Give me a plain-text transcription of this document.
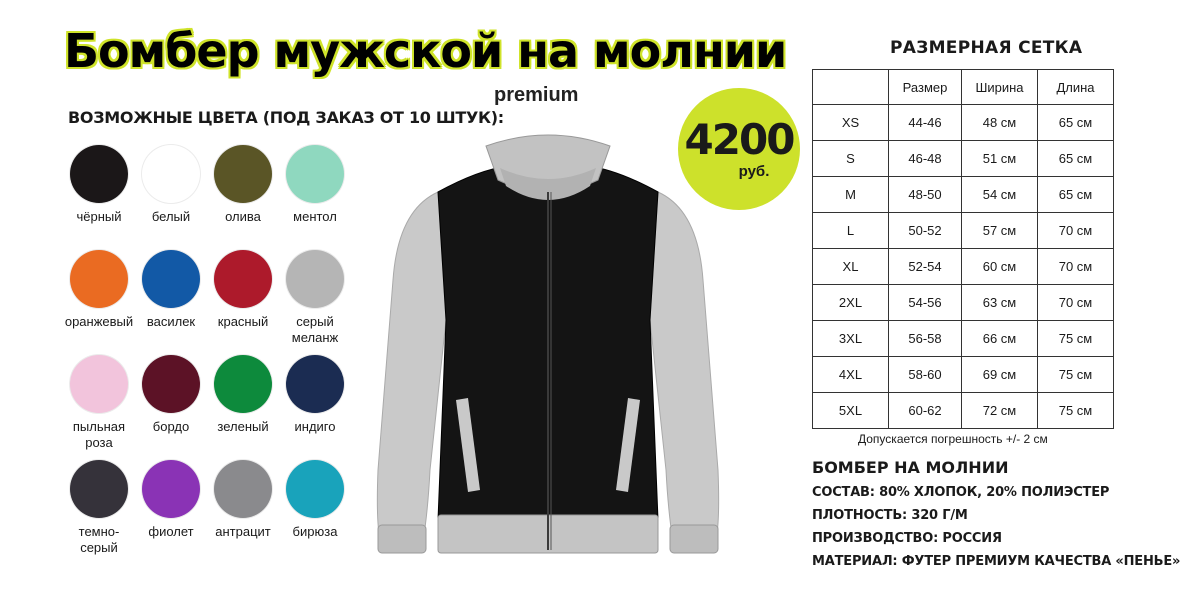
Бомбер мужской на молнии
premium
ВОЗМОЖНЫЕ ЦВЕТА (ПОД ЗАКАЗ ОТ 10 ШТУК):
чёрный белый	олива ментол
оранжевый василек красный	серый меланж
пыльная роза
бордо зеленый индиго
темно-серый
фиолет антрацит бирюза
4200
руб.
РАЗМЕРНАЯ СЕТКА
	Размер	Ширина	Длина
XS	44-46	48 см	65 см
S	46-48	51 см	65 см
M	48-50	54 см	65 см
L	50-52	57 см	70 см
XL	52-54	60 см	70 см
2XL	54-56	63 см	70 см
3XL	56-58	66 см	75 см
4XL	58-60	69 см	75 см
5XL	60-62	72 см	75 см
Допускается погрешность +/- 2 см
БОМБЕР НА МОЛНИИ
СОСТАВ: 80% ХЛОПОК, 20% ПОЛИЭСТЕР
ПЛОТНОСТЬ: 320 Г/М
ПРОИЗВОДСТВО: РОССИЯ
МАТЕРИАЛ: ФУТЕР ПРЕМИУМ КАЧЕСТВА «ПЕНЬЕ»
